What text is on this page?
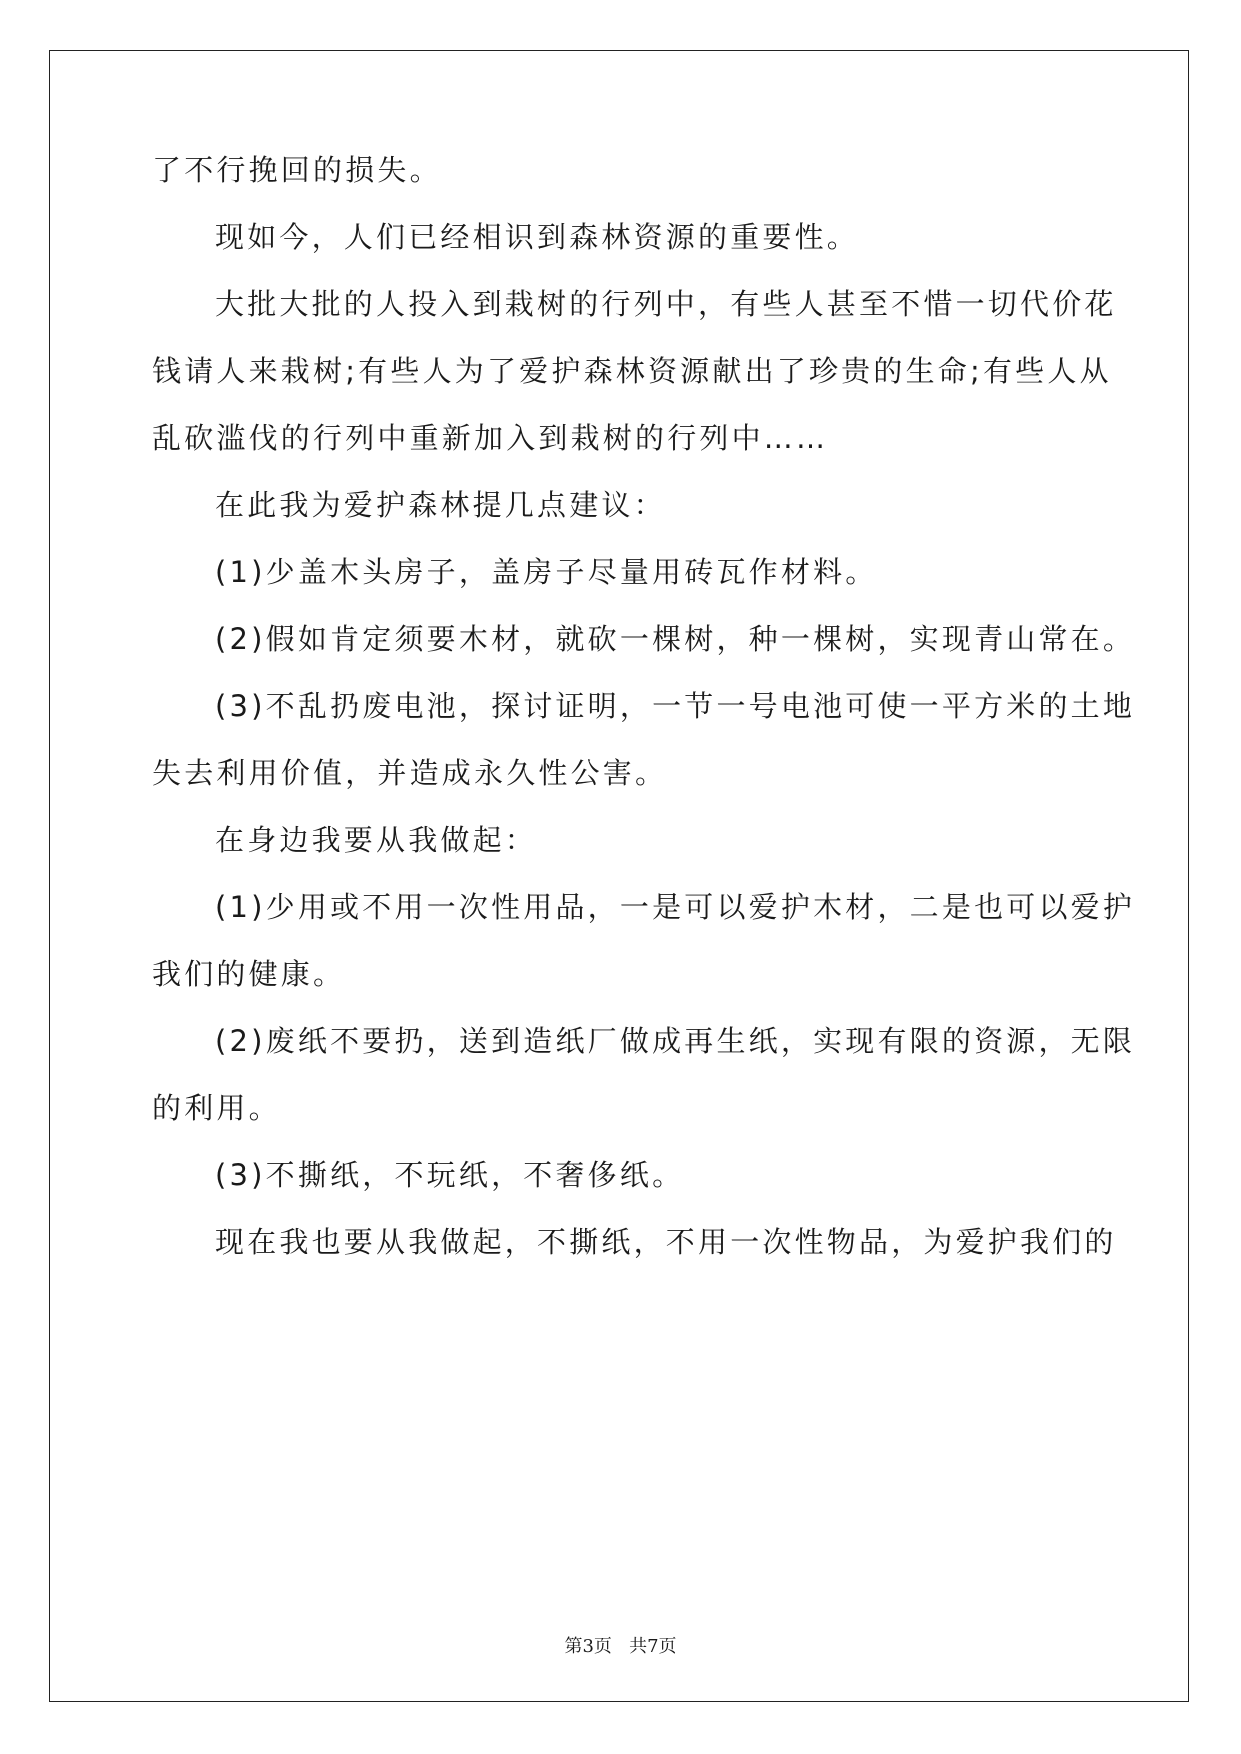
了不行挽回的损失。
现如今，人们已经相识到森林资源的重要性。
大批大批的人投入到栽树的行列中，有些人甚至不惜一切代价花
钱请人来栽树;有些人为了爱护森林资源献出了珍贵的生命;有些人从
乱砍滥伐的行列中重新加入到栽树的行列中……
在此我为爱护森林提几点建议：
(1)少盖木头房子，盖房子尽量用砖瓦作材料。
(2)假如肯定须要木材，就砍一棵树，种一棵树，实现青山常在。
(3)不乱扔废电池，探讨证明，一节一号电池可使一平方米的土地
失去利用价值，并造成永久性公害。
在身边我要从我做起：
(1)少用或不用一次性用品，一是可以爱护木材，二是也可以爱护
我们的健康。
(2)废纸不要扔，送到造纸厂做成再生纸，实现有限的资源，无限
的利用。
(3)不撕纸，不玩纸，不奢侈纸。
现在我也要从我做起，不撕纸，不用一次性物品，为爱护我们的
第3页   共7页
